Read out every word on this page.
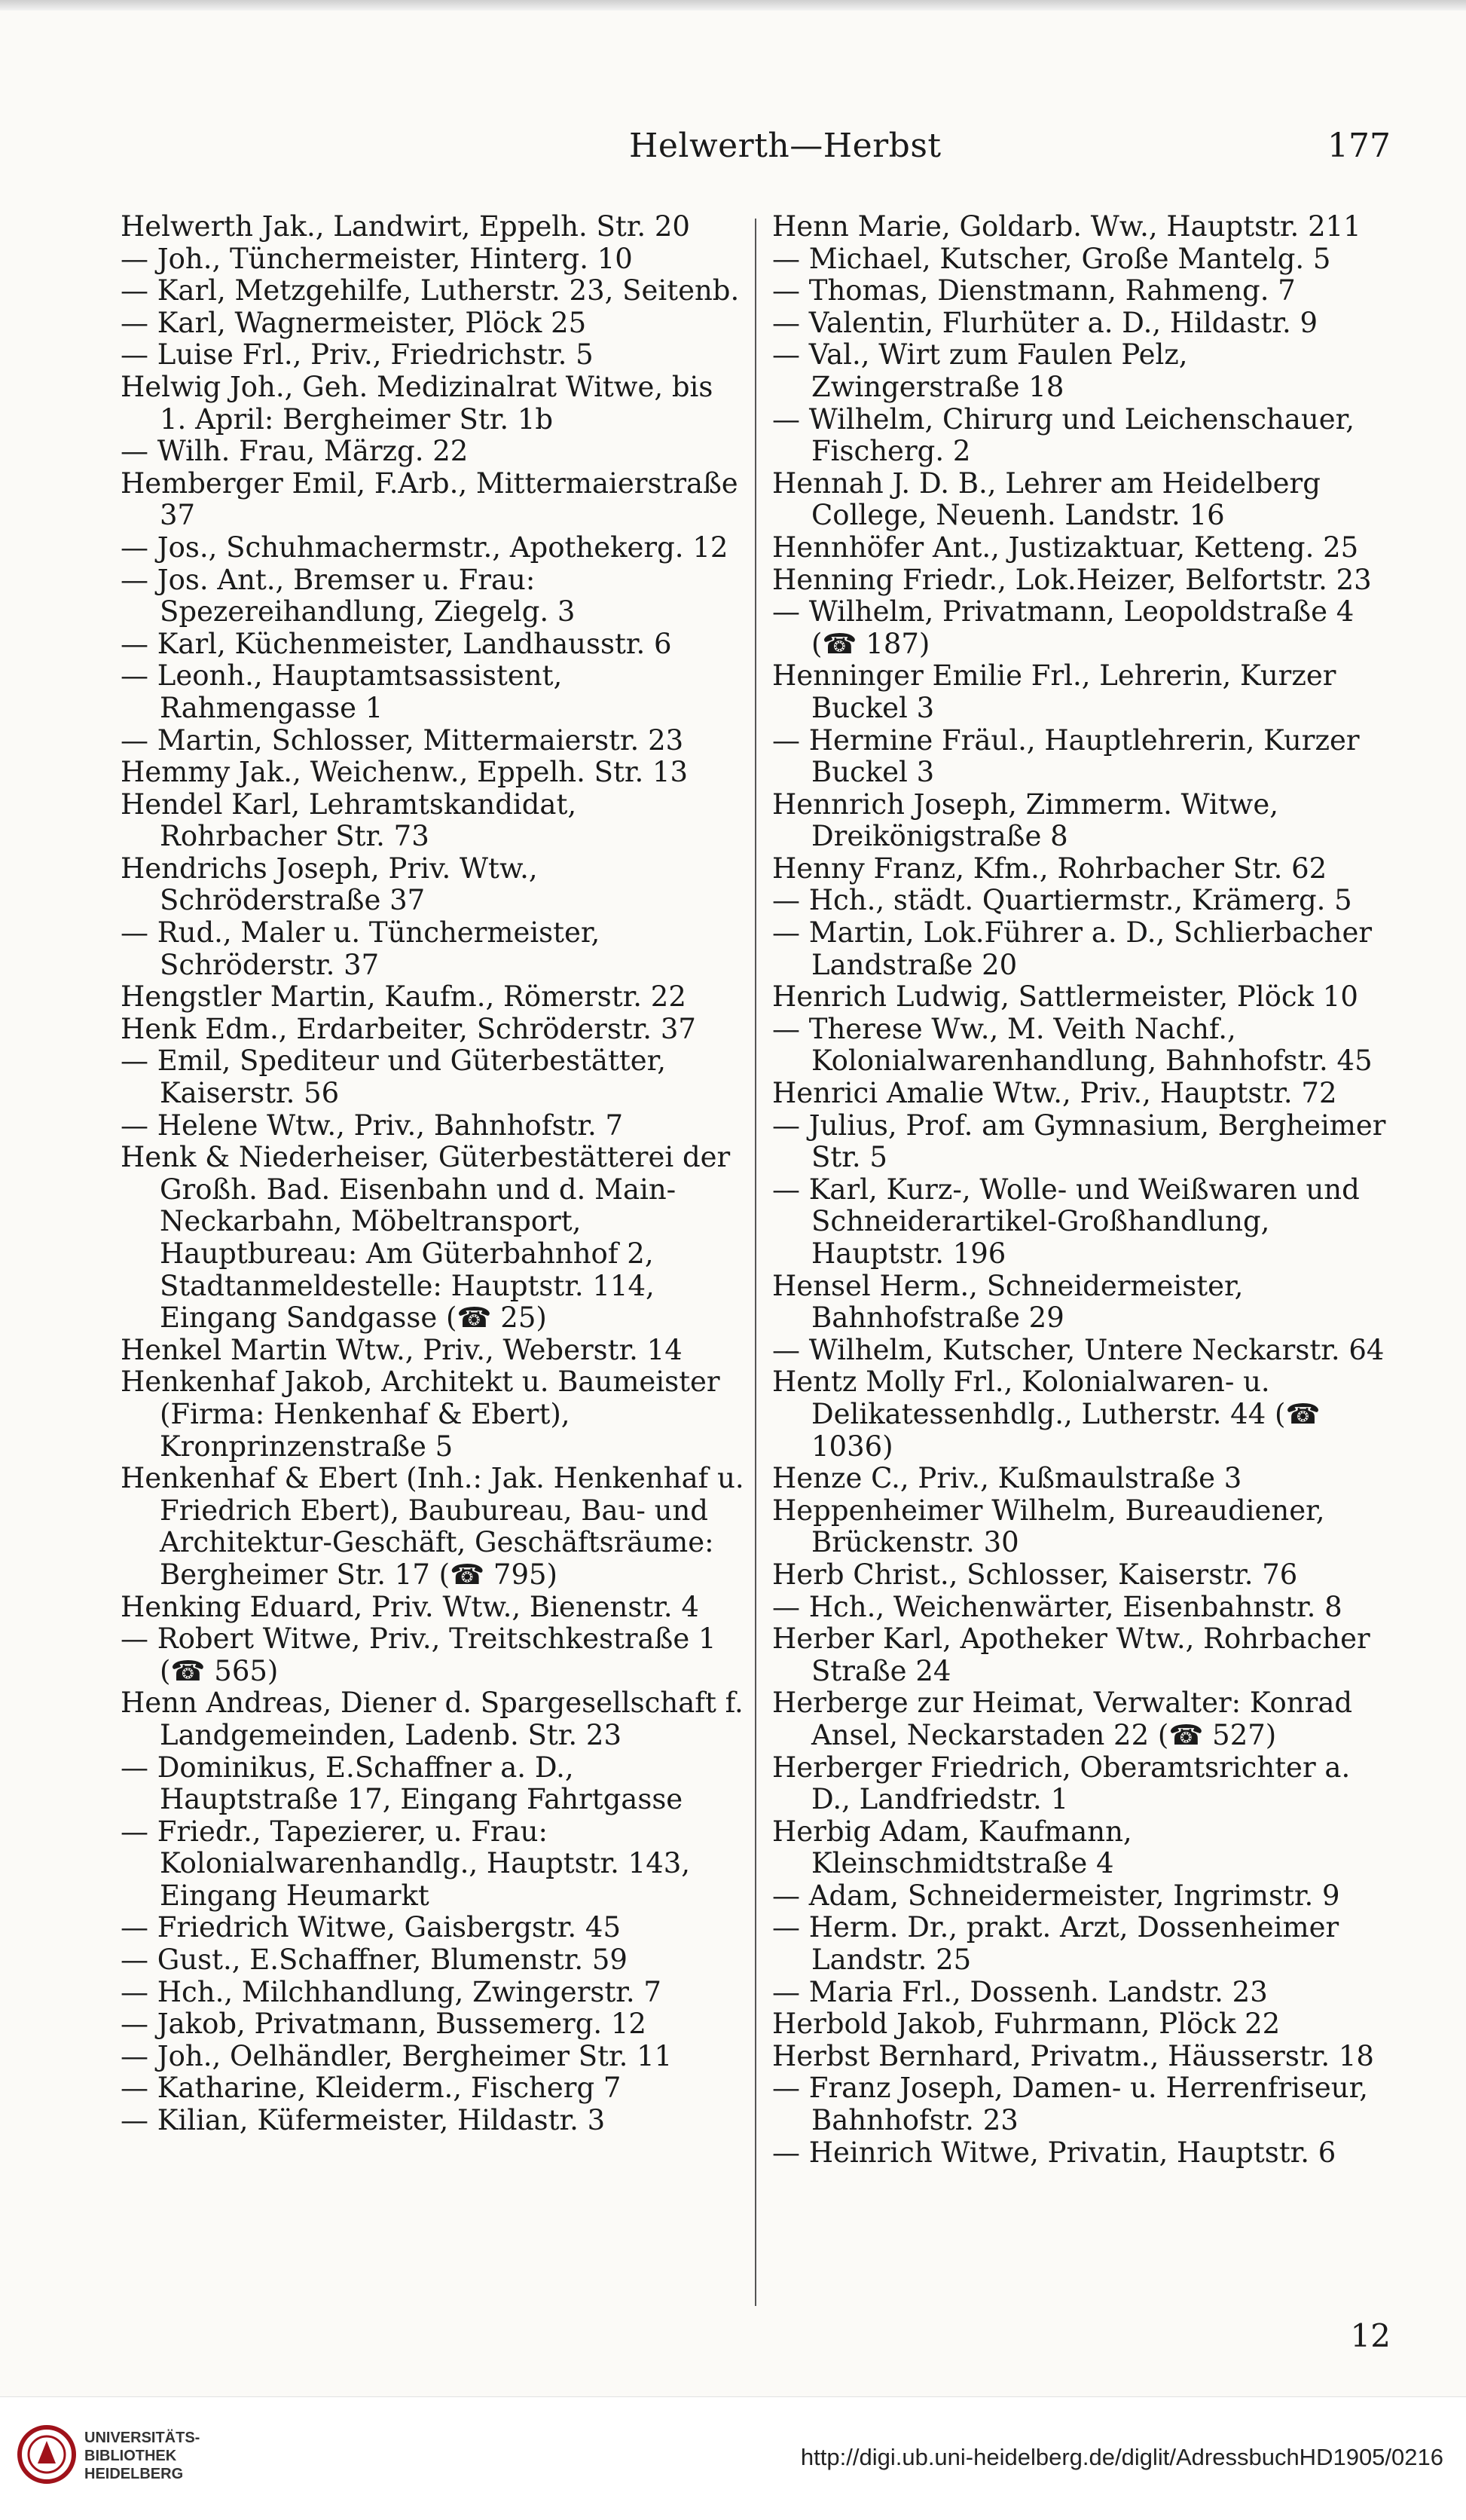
Helwerth—Herbst	177
Helwerth Jak., Landwirt, Eppelh. Str. 20
— Joh., Tünchermeister, Hinterg. 10
— Karl, Metzgehilfe, Lutherstr. 23, Seitenb.
— Karl, Wagnermeister, Plöck 25
— Luise Frl., Priv., Friedrichstr. 5
Helwig Joh., Geh. Medizinalrat Witwe, bis 1. April: Bergheimer Str. 1b
— Wilh. Frau, Märzg. 22
Hemberger Emil, F.Arb., Mittermaierstraße 37
— Jos., Schuhmachermstr., Apothekerg. 12
— Jos. Ant., Bremser u. Frau: Spezereihandlung, Ziegelg. 3
— Karl, Küchenmeister, Landhausstr. 6
— Leonh., Hauptamtsassistent, Rahmengasse 1
— Martin, Schlosser, Mittermaierstr. 23
Hemmy Jak., Weichenw., Eppelh. Str. 13
Hendel Karl, Lehramtskandidat, Rohrbacher Str. 73
Hendrichs Joseph, Priv. Wtw., Schröderstraße 37
— Rud., Maler u. Tünchermeister, Schröderstr. 37
Hengstler Martin, Kaufm., Römerstr. 22
Henk Edm., Erdarbeiter, Schröderstr. 37
— Emil, Spediteur und Güterbestätter, Kaiserstr. 56
— Helene Wtw., Priv., Bahnhofstr. 7
Henk & Niederheiser, Güterbestätterei der Großh. Bad. Eisenbahn und d. Main-Neckarbahn, Möbeltransport, Hauptbureau: Am Güterbahnhof 2, Stadtanmeldestelle: Hauptstr. 114, Eingang Sandgasse (☎ 25)
Henkel Martin Wtw., Priv., Weberstr. 14
Henkenhaf Jakob, Architekt u. Baumeister (Firma: Henkenhaf & Ebert), Kronprinzenstraße 5
Henkenhaf & Ebert (Inh.: Jak. Henkenhaf u. Friedrich Ebert), Baubureau, Bau- und Architektur-Geschäft, Geschäftsräume: Bergheimer Str. 17 (☎ 795)
Henking Eduard, Priv. Wtw., Bienenstr. 4
— Robert Witwe, Priv., Treitschkestraße 1 (☎ 565)
Henn Andreas, Diener d. Spargesellschaft f. Landgemeinden, Ladenb. Str. 23
— Dominikus, E.Schaffner a. D., Hauptstraße 17, Eingang Fahrtgasse
— Friedr., Tapezierer, u. Frau: Kolonialwarenhandlg., Hauptstr. 143, Eingang Heumarkt
— Friedrich Witwe, Gaisbergstr. 45
— Gust., E.Schaffner, Blumenstr. 59
— Hch., Milchhandlung, Zwingerstr. 7
— Jakob, Privatmann, Bussemerg. 12
— Joh., Oelhändler, Bergheimer Str. 11
— Katharine, Kleiderm., Fischerg 7
— Kilian, Küfermeister, Hildastr. 3
Henn Marie, Goldarb. Ww., Hauptstr. 211
— Michael, Kutscher, Große Mantelg. 5
— Thomas, Dienstmann, Rahmeng. 7
— Valentin, Flurhüter a. D., Hildastr. 9
— Val., Wirt zum Faulen Pelz, Zwingerstraße 18
— Wilhelm, Chirurg und Leichenschauer, Fischerg. 2
Hennah J. D. B., Lehrer am Heidelberg College, Neuenh. Landstr. 16
Hennhöfer Ant., Justizaktuar, Ketteng. 25
Henning Friedr., Lok.Heizer, Belfortstr. 23
— Wilhelm, Privatmann, Leopoldstraße 4 (☎ 187)
Henninger Emilie Frl., Lehrerin, Kurzer Buckel 3
— Hermine Fräul., Hauptlehrerin, Kurzer Buckel 3
Hennrich Joseph, Zimmerm. Witwe, Dreikönigstraße 8
Henny Franz, Kfm., Rohrbacher Str. 62
— Hch., städt. Quartiermstr., Krämerg. 5
— Martin, Lok.Führer a. D., Schlierbacher Landstraße 20
Henrich Ludwig, Sattlermeister, Plöck 10
— Therese Ww., M. Veith Nachf., Kolonialwarenhandlung, Bahnhofstr. 45
Henrici Amalie Wtw., Priv., Hauptstr. 72
— Julius, Prof. am Gymnasium, Bergheimer Str. 5
— Karl, Kurz-, Wolle- und Weißwaren und Schneiderartikel-Großhandlung, Hauptstr. 196
Hensel Herm., Schneidermeister, Bahnhofstraße 29
— Wilhelm, Kutscher, Untere Neckarstr. 64
Hentz Molly Frl., Kolonialwaren- u. Delikatessenhdlg., Lutherstr. 44 (☎ 1036)
Henze C., Priv., Kußmaulstraße 3
Heppenheimer Wilhelm, Bureaudiener, Brückenstr. 30
Herb Christ., Schlosser, Kaiserstr. 76
— Hch., Weichenwärter, Eisenbahnstr. 8
Herber Karl, Apotheker Wtw., Rohrbacher Straße 24
Herberge zur Heimat, Verwalter: Konrad Ansel, Neckarstaden 22 (☎ 527)
Herberger Friedrich, Oberamtsrichter a. D., Landfriedstr. 1
Herbig Adam, Kaufmann, Kleinschmidtstraße 4
— Adam, Schneidermeister, Ingrimstr. 9
— Herm. Dr., prakt. Arzt, Dossenheimer Landstr. 25
— Maria Frl., Dossenh. Landstr. 23
Herbold Jakob, Fuhrmann, Plöck 22
Herbst Bernhard, Privatm., Häusserstr. 18
— Franz Joseph, Damen- u. Herrenfriseur, Bahnhofstr. 23
— Heinrich Witwe, Privatin, Hauptstr. 6
12
UNIVERSITÄTS-
BIBLIOTHEK
HEIDELBERG
http://digi.ub.uni-heidelberg.de/diglit/AdressbuchHD1905/0216
